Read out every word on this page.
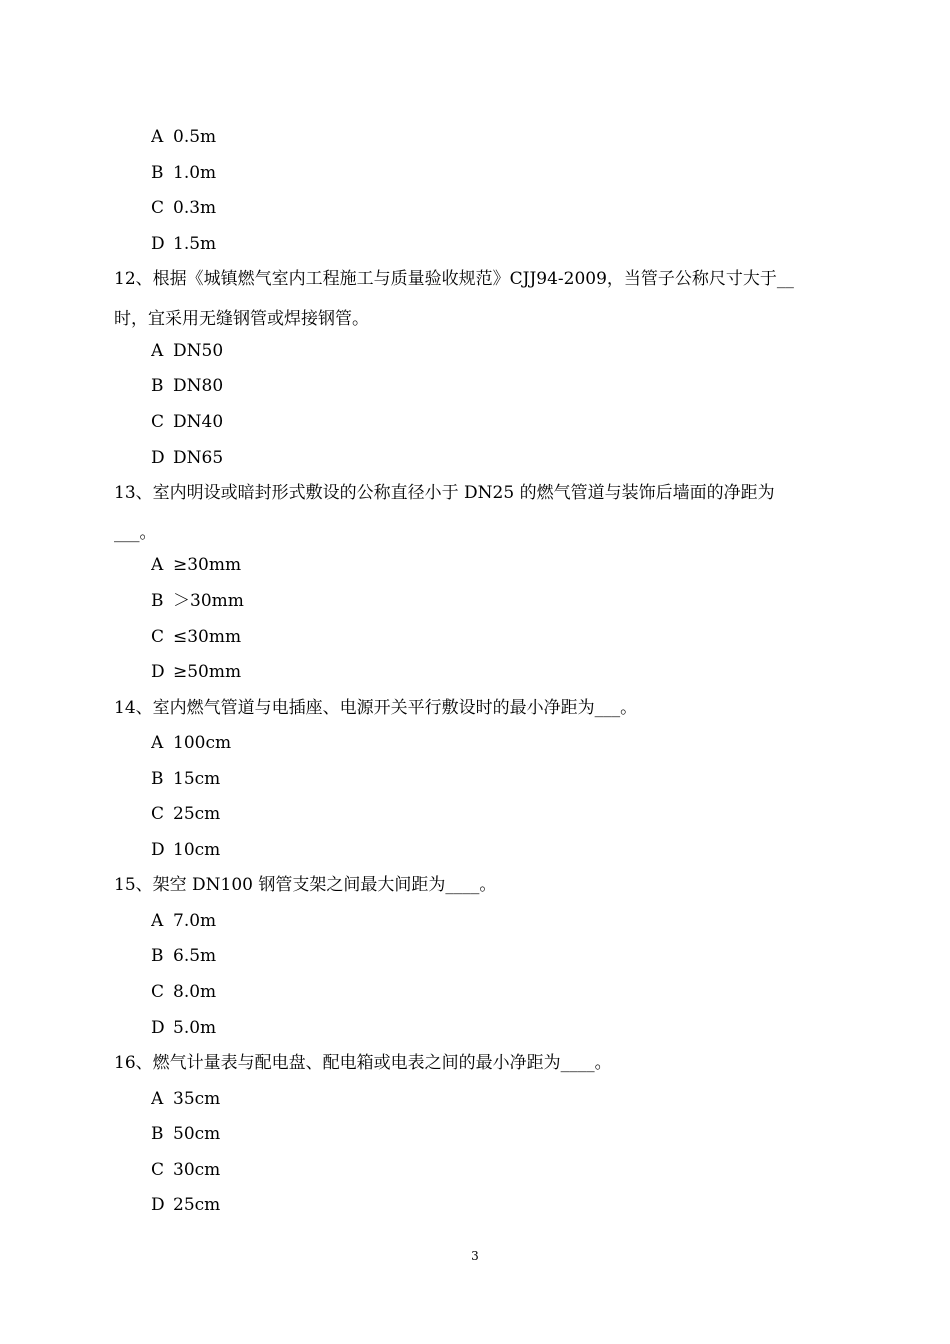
A 0.5m
B 1.0m
C 0.3m
D 1.5m
12、根据《城镇燃气室内工程施工与质量验收规范》CJJ94-2009，当管子公称尺寸大于__
时，宜采用无缝钢管或焊接钢管。
A DN50
B DN80
C DN40
D DN65
13、室内明设或暗封形式敷设的公称直径小于 DN25 的燃气管道与装饰后墙面的净距为
___。
A ≥30mm
B ＞30mm
C ≤30mm
D ≥50mm
14、室内燃气管道与电插座、电源开关平行敷设时的最小净距为___。
A 100cm
B 15cm
C 25cm
D 10cm
15、架空 DN100 钢管支架之间最大间距为____。
A 7.0m
B 6.5m
C 8.0m
D 5.0m
16、燃气计量表与配电盘、配电箱或电表之间的最小净距为____。
A 35cm
B 50cm
C 30cm
D 25cm
3
